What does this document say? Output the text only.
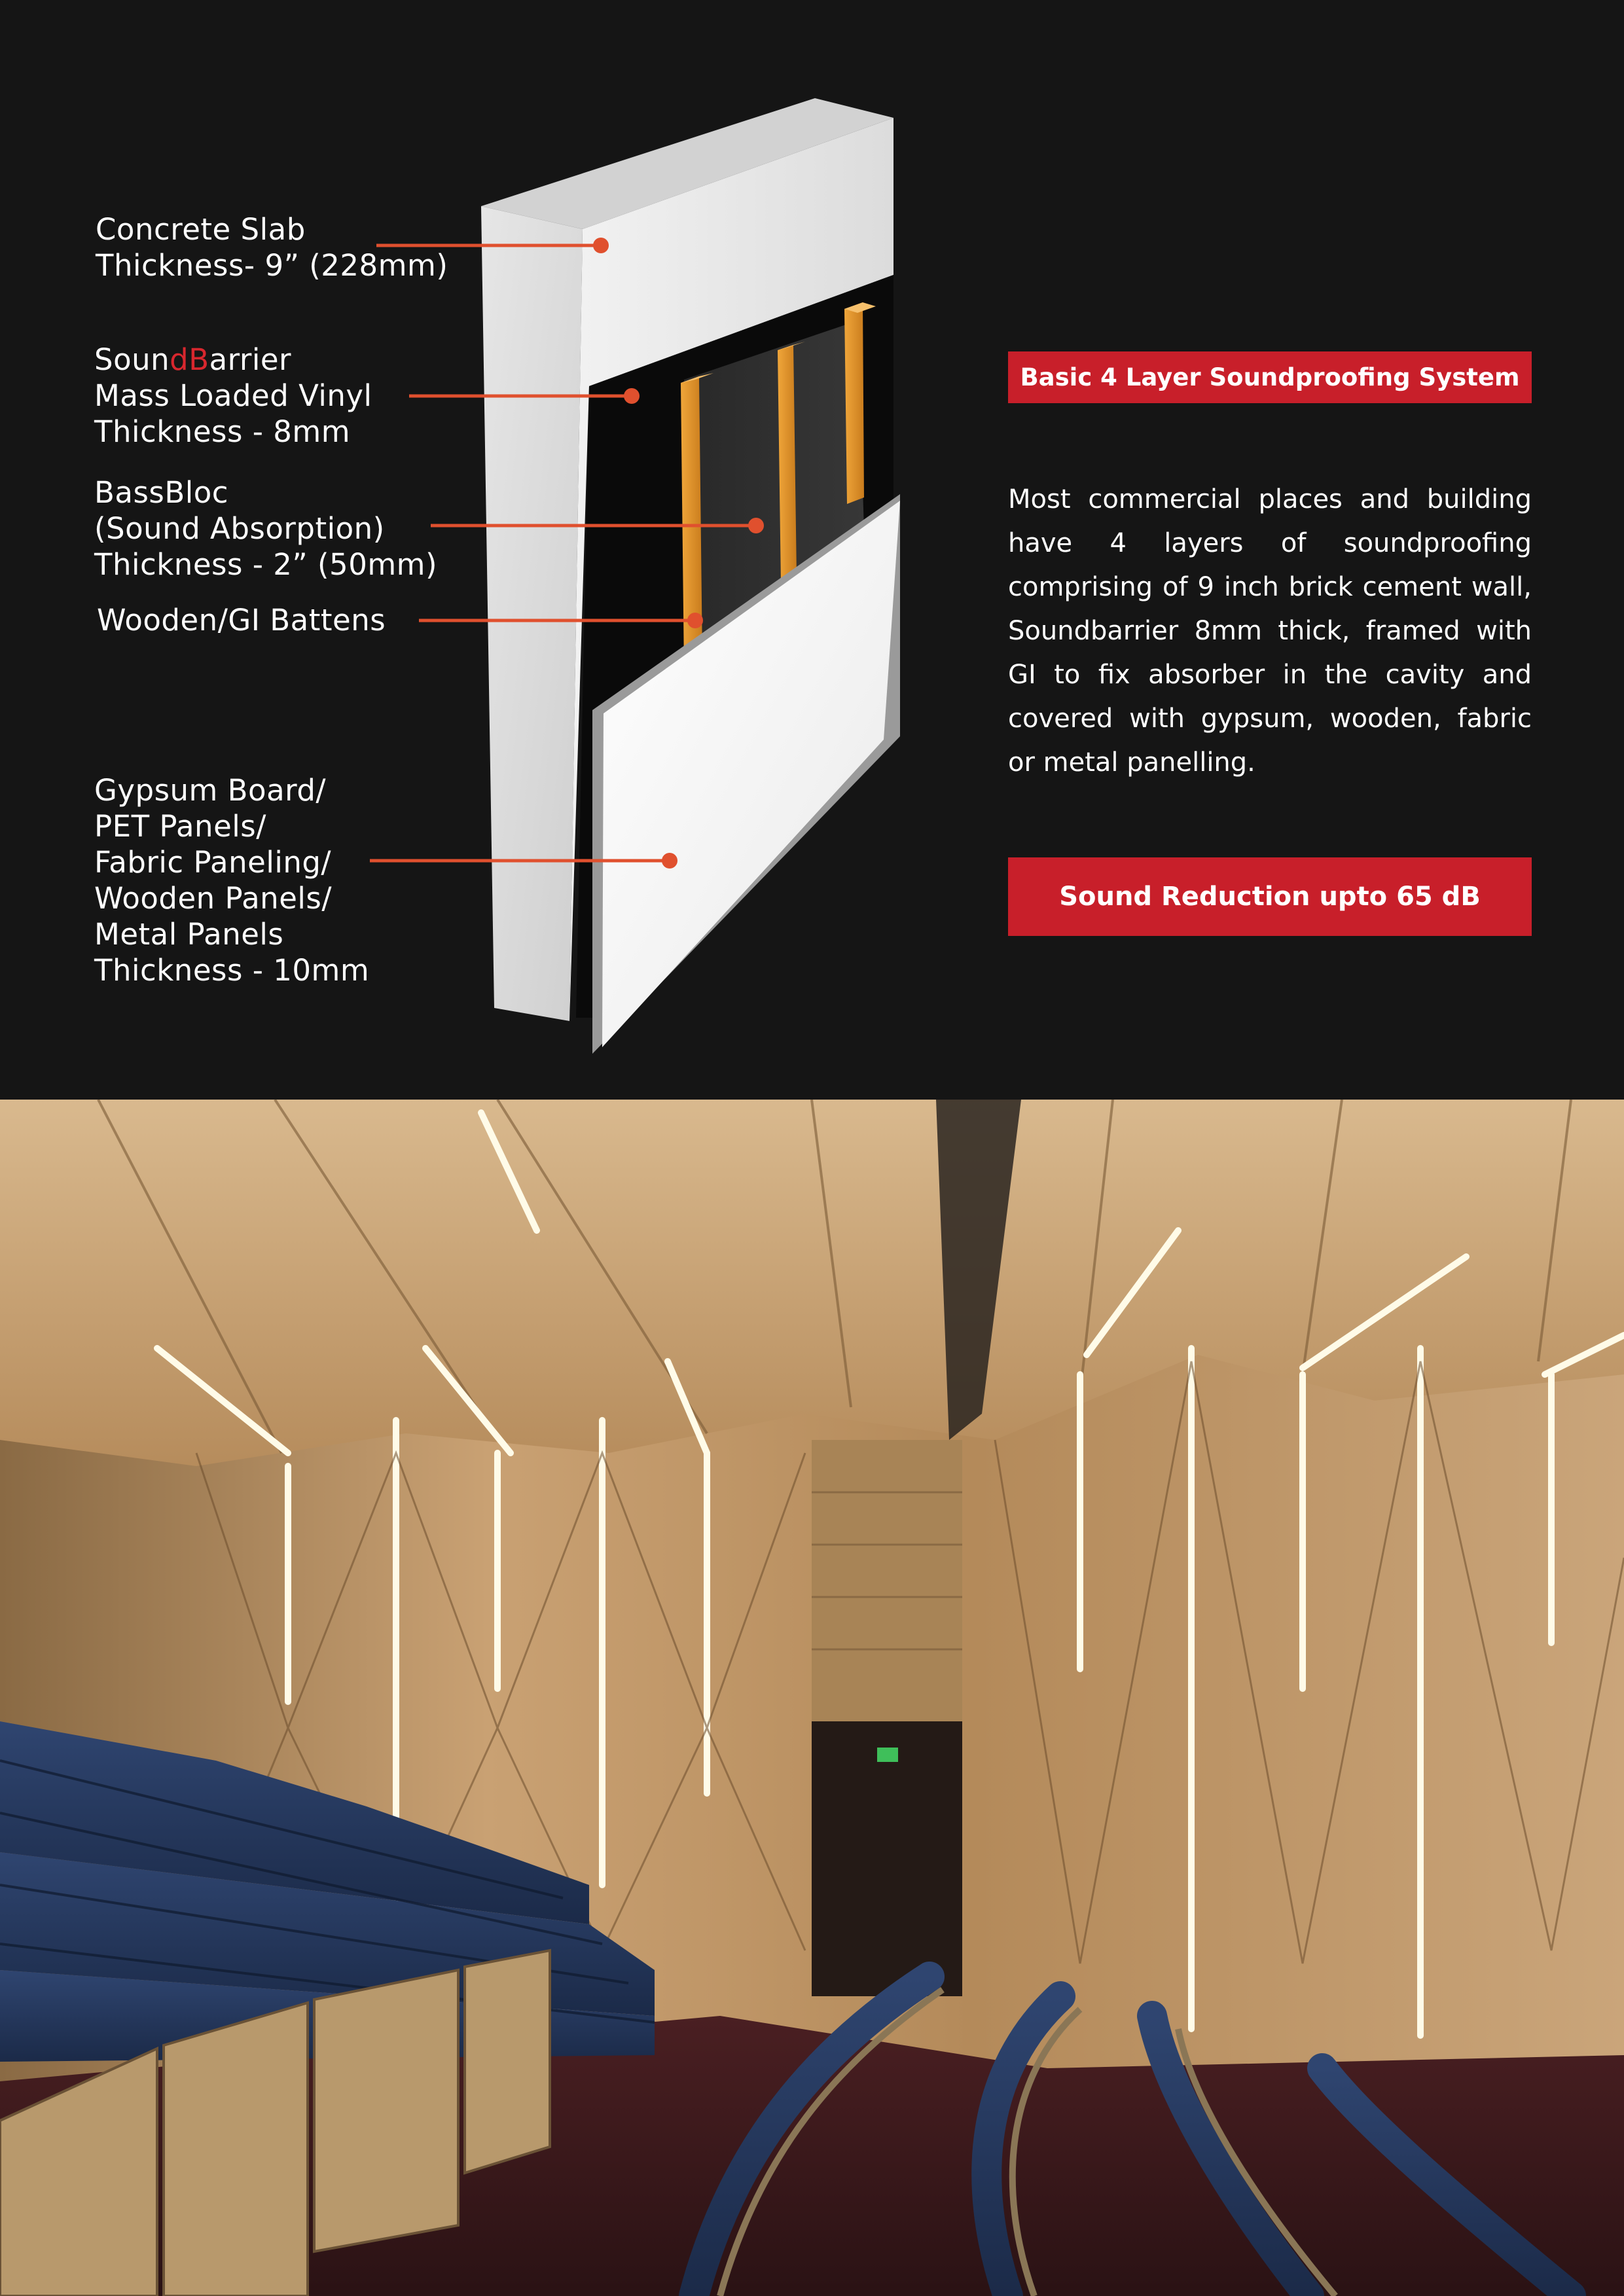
Concrete Slab
Thickness- 9” (228mm)
SoundBarrier
Mass Loaded Vinyl
Thickness - 8mm
BassBloc
(Sound Absorption)
Thickness - 2” (50mm)
Wooden/GI Battens
Gypsum Board/
PET Panels/
Fabric Paneling/
Wooden Panels/
Metal Panels
Thickness - 10mm
Basic 4 Layer Soundproofing System
Most commercial places and building have 4 layers of soundproofing comprising of 9 inch brick cement wall, Soundbarrier 8mm thick, framed with GI to fix absorber in the cavity and covered with gypsum, wooden, fabric or metal panelling.
Sound Reduction upto 65 dB
